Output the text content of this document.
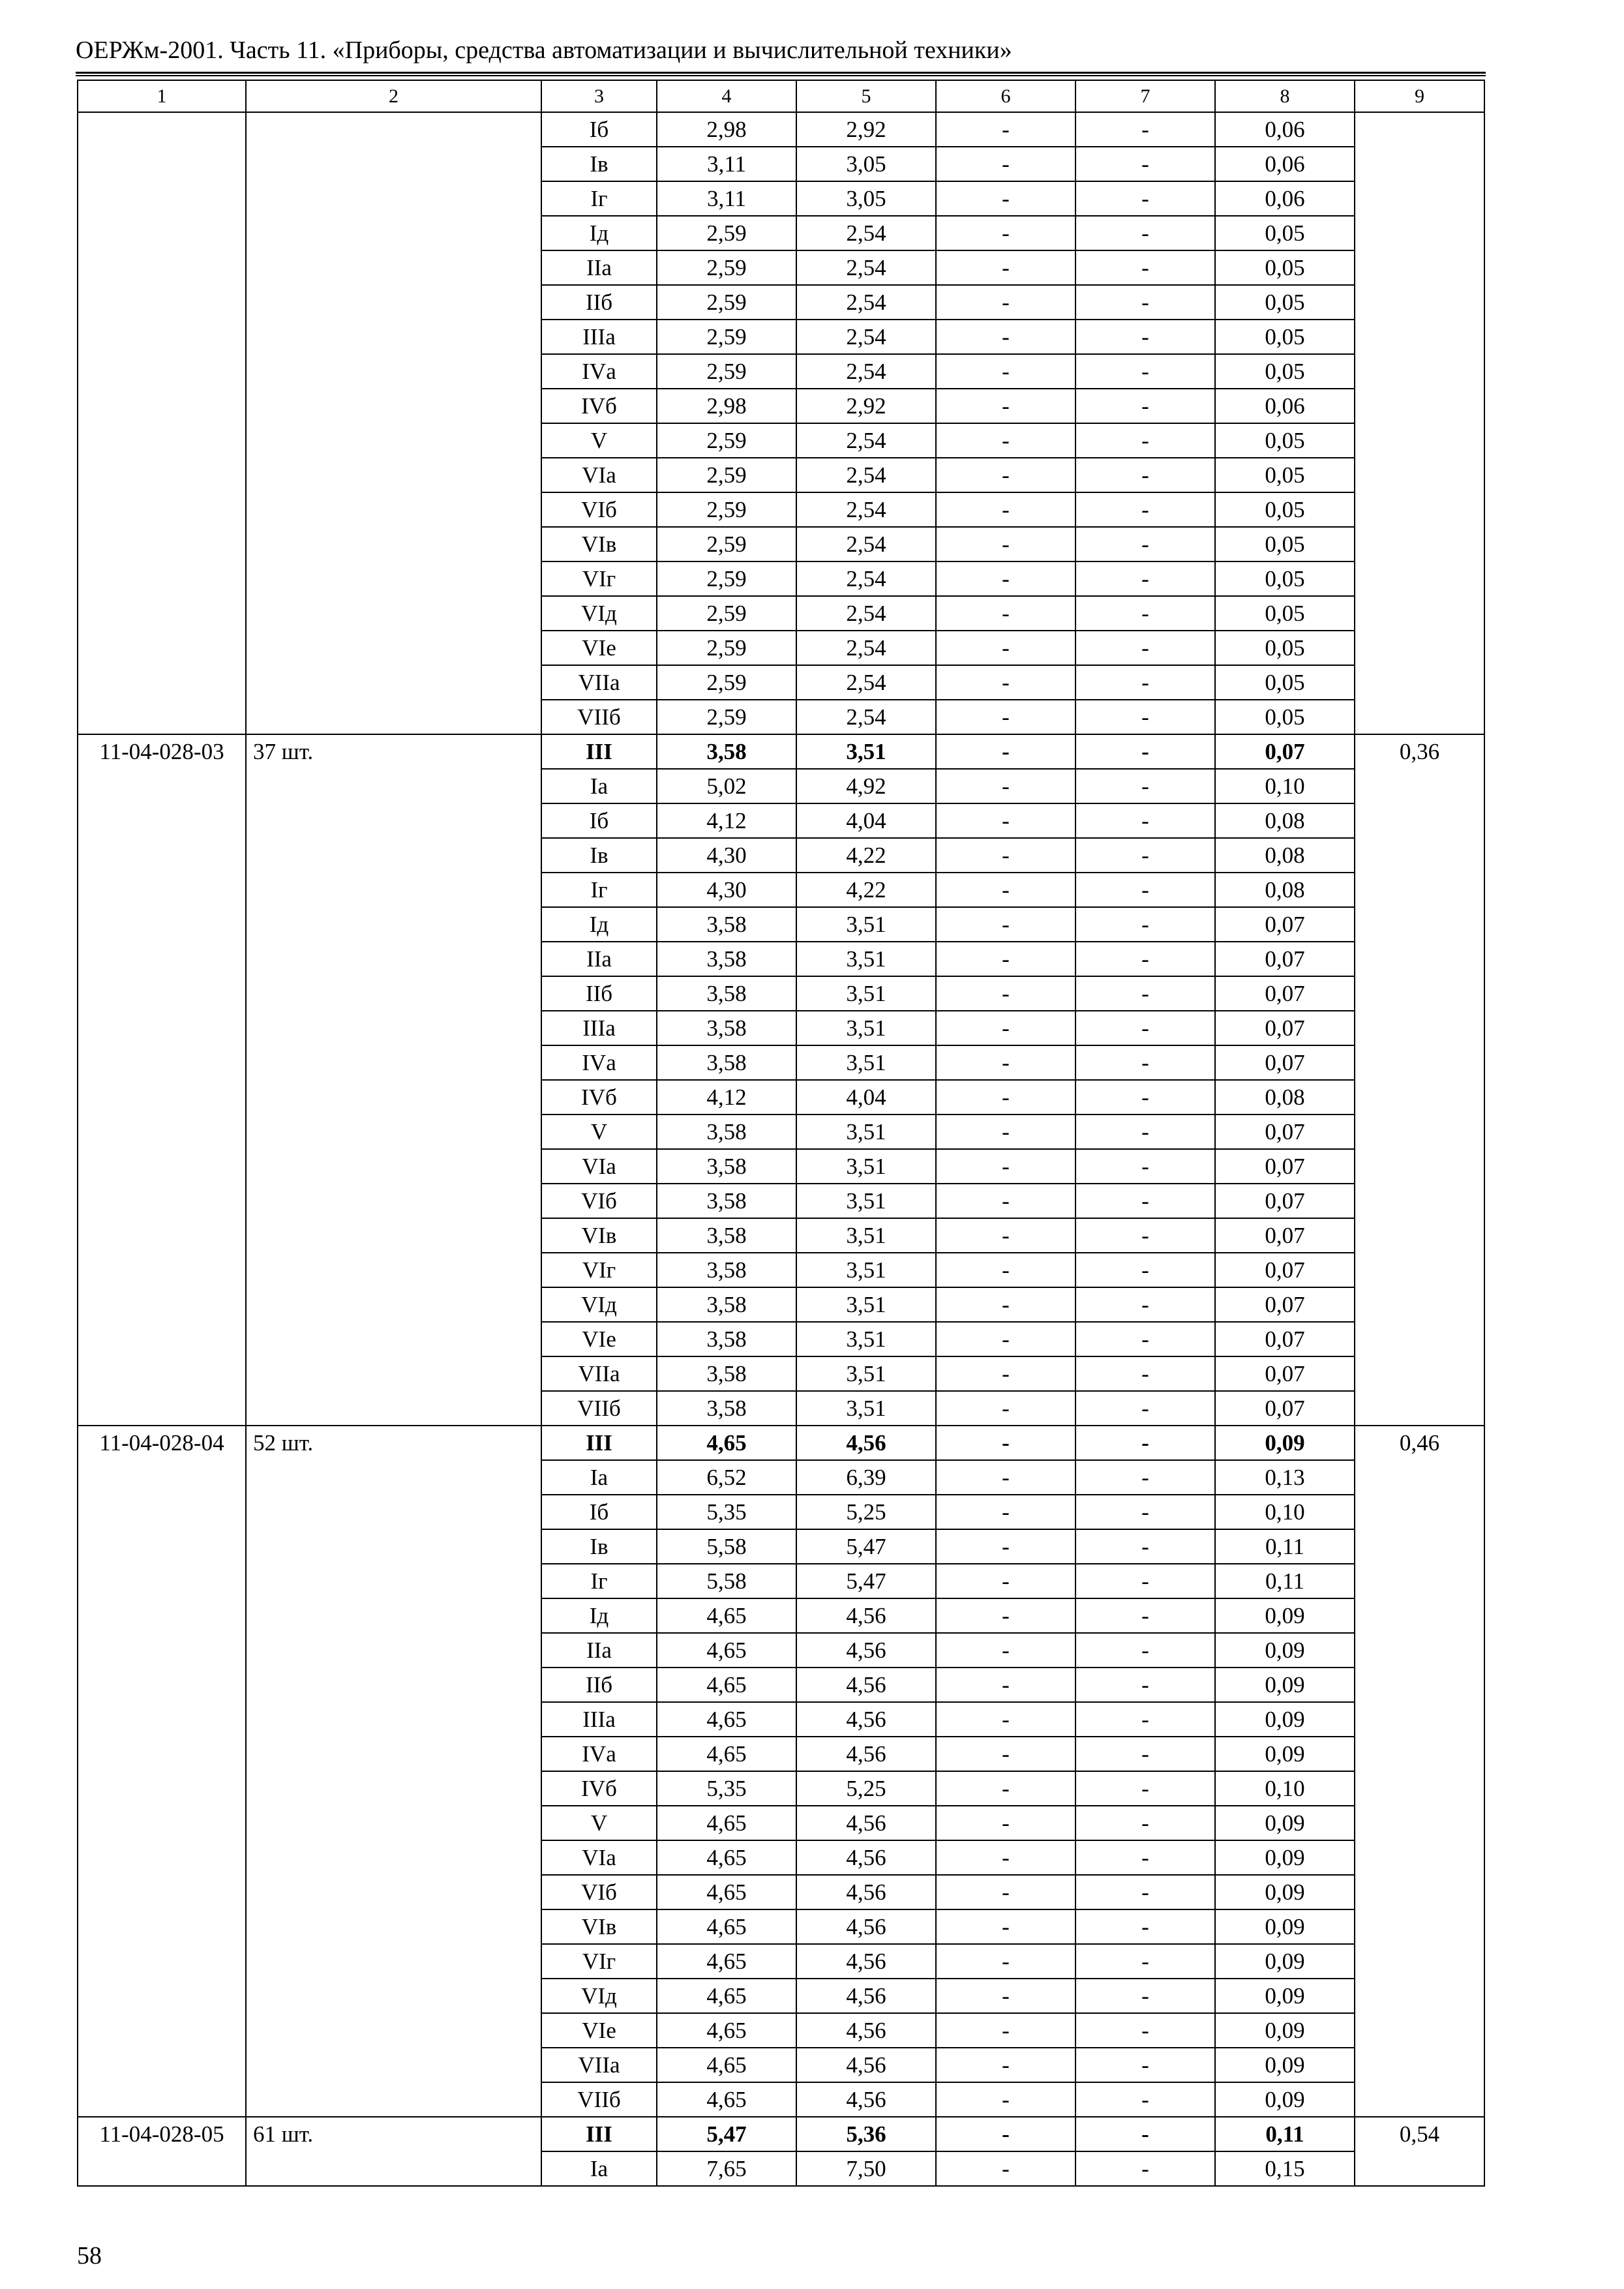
ОЕРЖм-2001. Часть 11. «Приборы, средства автоматизации и вычислительной техники»
1	2	3	4	5	6	7	8	9
		Iб	2,98	2,92	-	-	0,06	
		Iв	3,11	3,05	-	-	0,06	
		Iг	3,11	3,05	-	-	0,06	
		Iд	2,59	2,54	-	-	0,05	
		IIа	2,59	2,54	-	-	0,05	
		IIб	2,59	2,54	-	-	0,05	
		IIIа	2,59	2,54	-	-	0,05	
		IVа	2,59	2,54	-	-	0,05	
		IVб	2,98	2,92	-	-	0,06	
		V	2,59	2,54	-	-	0,05	
		VIа	2,59	2,54	-	-	0,05	
		VIб	2,59	2,54	-	-	0,05	
		VIв	2,59	2,54	-	-	0,05	
		VIг	2,59	2,54	-	-	0,05	
		VIд	2,59	2,54	-	-	0,05	
		VIе	2,59	2,54	-	-	0,05	
		VIIа	2,59	2,54	-	-	0,05	
		VIIб	2,59	2,54	-	-	0,05	
11-04-028-03	37 шт.	III	3,58	3,51	-	-	0,07	0,36
		Iа	5,02	4,92	-	-	0,10	
		Iб	4,12	4,04	-	-	0,08	
		Iв	4,30	4,22	-	-	0,08	
		Iг	4,30	4,22	-	-	0,08	
		Iд	3,58	3,51	-	-	0,07	
		IIа	3,58	3,51	-	-	0,07	
		IIб	3,58	3,51	-	-	0,07	
		IIIа	3,58	3,51	-	-	0,07	
		IVа	3,58	3,51	-	-	0,07	
		IVб	4,12	4,04	-	-	0,08	
		V	3,58	3,51	-	-	0,07	
		VIа	3,58	3,51	-	-	0,07	
		VIб	3,58	3,51	-	-	0,07	
		VIв	3,58	3,51	-	-	0,07	
		VIг	3,58	3,51	-	-	0,07	
		VIд	3,58	3,51	-	-	0,07	
		VIе	3,58	3,51	-	-	0,07	
		VIIа	3,58	3,51	-	-	0,07	
		VIIб	3,58	3,51	-	-	0,07	
11-04-028-04	52 шт.	III	4,65	4,56	-	-	0,09	0,46
		Iа	6,52	6,39	-	-	0,13	
		Iб	5,35	5,25	-	-	0,10	
		Iв	5,58	5,47	-	-	0,11	
		Iг	5,58	5,47	-	-	0,11	
		Iд	4,65	4,56	-	-	0,09	
		IIа	4,65	4,56	-	-	0,09	
		IIб	4,65	4,56	-	-	0,09	
		IIIа	4,65	4,56	-	-	0,09	
		IVа	4,65	4,56	-	-	0,09	
		IVб	5,35	5,25	-	-	0,10	
		V	4,65	4,56	-	-	0,09	
		VIа	4,65	4,56	-	-	0,09	
		VIб	4,65	4,56	-	-	0,09	
		VIв	4,65	4,56	-	-	0,09	
		VIг	4,65	4,56	-	-	0,09	
		VIд	4,65	4,56	-	-	0,09	
		VIе	4,65	4,56	-	-	0,09	
		VIIа	4,65	4,56	-	-	0,09	
		VIIб	4,65	4,56	-	-	0,09	
11-04-028-05	61 шт.	III	5,47	5,36	-	-	0,11	0,54
		Iа	7,65	7,50	-	-	0,15	
58
